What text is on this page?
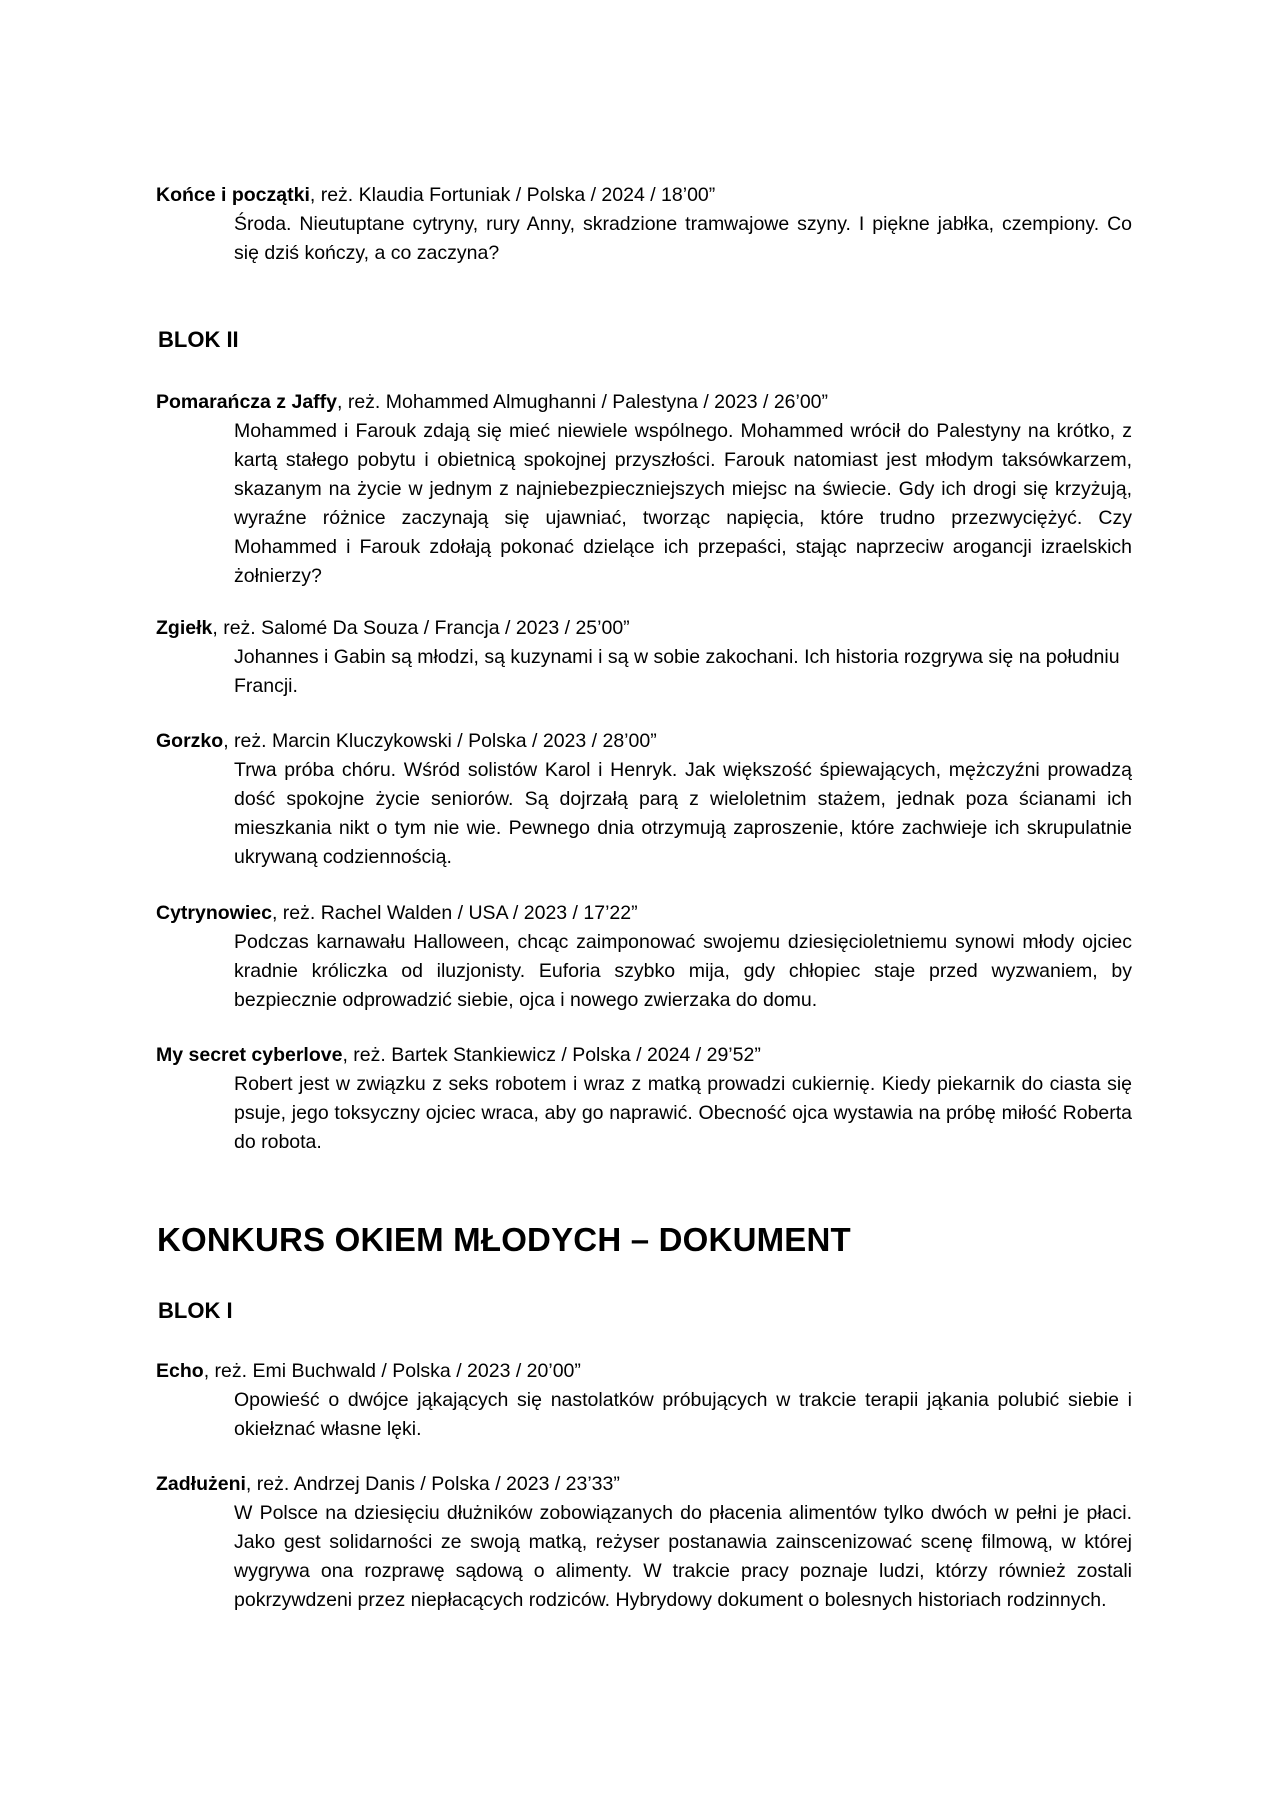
Końce i początki, reż. Klaudia Fortuniak / Polska / 2024 / 18’00”

Środa. Nieutuptane cytryny, rury Anny, skradzione tramwajowe szyny. I piękne jabłka, czempiony. Co się dziś kończy, a co zaczyna?

BLOK II

Pomarańcza z Jaffy, reż. Mohammed Almughanni / Palestyna / 2023 / 26’00”

Mohammed i Farouk zdają się mieć niewiele wspólnego. Mohammed wrócił do Palestyny na krótko, z kartą stałego pobytu i obietnicą spokojnej przyszłości. Farouk natomiast jest młodym taksówkarzem, skazanym na życie w jednym z najniebezpieczniejszych miejsc na świecie. Gdy ich drogi się krzyżują, wyraźne różnice zaczynają się ujawniać, tworząc napięcia, które trudno przezwyciężyć. Czy Mohammed i Farouk zdołają pokonać dzielące ich przepaści, stając naprzeciw arogancji izraelskich żołnierzy?

Zgiełk, reż. Salomé Da Souza / Francja / 2023 / 25’00”

Johannes i Gabin są młodzi, są kuzynami i są w sobie zakochani. Ich historia rozgrywa się na południu Francji.

Gorzko, reż. Marcin Kluczykowski / Polska / 2023 / 28’00”

Trwa próba chóru. Wśród solistów Karol i Henryk. Jak większość śpiewających, mężczyźni prowadzą dość spokojne życie seniorów. Są dojrzałą parą z wieloletnim stażem, jednak poza ścianami ich mieszkania nikt o tym nie wie. Pewnego dnia otrzymują zaproszenie, które zachwieje ich skrupulatnie ukrywaną codziennością.

Cytrynowiec, reż. Rachel Walden / USA / 2023 / 17’22”

Podczas karnawału Halloween, chcąc zaimponować swojemu dziesięcioletniemu synowi młody ojciec kradnie króliczka od iluzjonisty. Euforia szybko mija, gdy chłopiec staje przed wyzwaniem, by bezpiecznie odprowadzić siebie, ojca i nowego zwierzaka do domu.

My secret cyberlove, reż. Bartek Stankiewicz / Polska / 2024 / 29’52”

Robert jest w związku z seks robotem i wraz z matką prowadzi cukiernię. Kiedy piekarnik do ciasta się psuje, jego toksyczny ojciec wraca, aby go naprawić. Obecność ojca wystawia na próbę miłość Roberta do robota.

KONKURS OKIEM MŁODYCH – DOKUMENT
BLOK I

Echo, reż. Emi Buchwald / Polska / 2023 / 20’00”

Opowieść o dwójce jąkających się nastolatków próbujących w trakcie terapii jąkania polubić siebie i okiełznać własne lęki.

Zadłużeni, reż. Andrzej Danis / Polska / 2023 / 23’33”

W Polsce na dziesięciu dłużników zobowiązanych do płacenia alimentów tylko dwóch w pełni je płaci. Jako gest solidarności ze swoją matką, reżyser postanawia zainscenizować scenę filmową, w której wygrywa ona rozprawę sądową o alimenty. W trakcie pracy poznaje ludzi, którzy również zostali pokrzywdzeni przez niepłacących rodziców. Hybrydowy dokument o bolesnych historiach rodzinnych.
